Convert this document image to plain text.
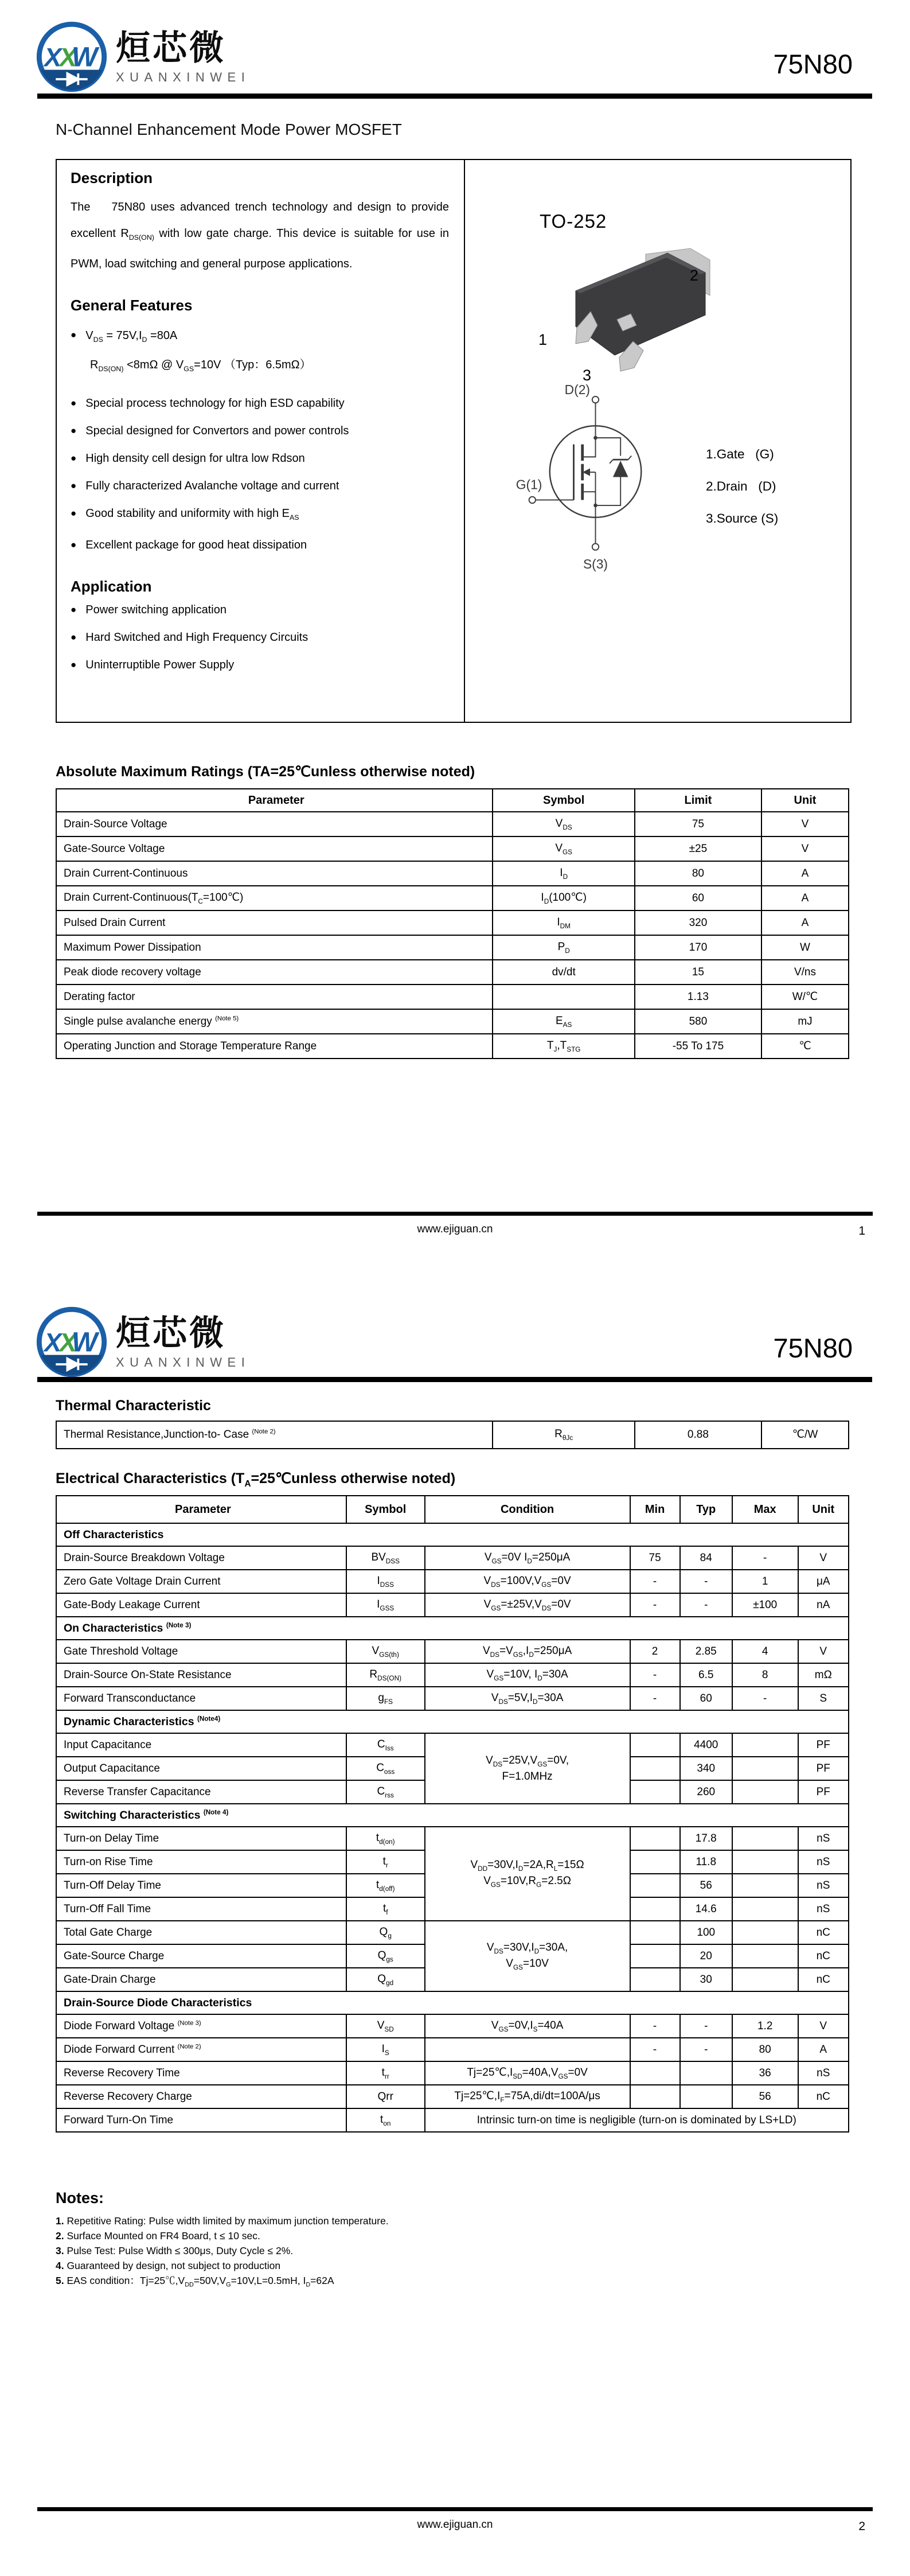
X
X
W 烜芯微
XUANXINWEI	75N80
N-Channel Enhancement Mode Power MOSFET
Description

The    75N80 uses advanced trench technology and design to provide excellent $R_{DS(ON)}$ with low gate charge. This device is suitable for use in PWM, load switching and general purpose applications.

General Features
● $V_{DS} = 75V,I_D =80A$
$R_{DS(ON)} <8m\Omega$ @ $V_{GS}=10V$ （Typ：6.5mΩ）
● Special process technology for high ESD capability
● Special designed for Convertors and power controls
● High density cell design for ultra low Rdson
● Fully characterized Avalanche voltage and current
● Good stability and uniformity with high $E_{AS}$
● Excellent package for good heat dissipation
Application
● Power switching application
● Hard Switched and High Frequency Circuits
● Uninterruptible Power Supply
TO-252
1
2
3
D(2)
G(1)
S(3)
1.Gate   (G)
2.Drain   (D)
3.Source (S)
Absolute Maximum Ratings (TA=25℃unless otherwise noted)
Parameter	Symbol	Limit	Unit
Drain-Source Voltage	$V_{DS}$	75	V
Gate-Source Voltage	$V_{GS}$	±25	V
Drain Current-Continuous	$I_D$	80	A
Drain Current-$Continuous(T_C=100℃)$	$I_D(100℃)$	60	A
Pulsed Drain Current	$I_{DM}$	320	A
Maximum Power Dissipation	$P_D$	170	W
Peak diode recovery voltage	dv/dt	15	V/ns
Derating factor		1.13	W/℃
Single pulse avalanche energy $^{(Note 5)}$	$E_{AS}$	580	mJ
Operating Junction and Storage Temperature Range	$T_J,T_{STG}$	-55 To 175	℃
www.ejiguan.cn	1
X
X
W 烜芯微
XUANXINWEI	75N80
Thermal Characteristic
Thermal Resistance,Junction-to- Case $^{(Note 2)}$	$R_{\theta Jc}$	0.88	℃/W
Electrical Characteristics ($T_A=25℃unless$ otherwise noted)
Parameter	Symbol	Condition	Min	Typ	Max	Unit
Off Characteristics						
Drain-Source Breakdown Voltage	$BV_{DSS}$	$V_{GS}=0V$ $I_D=250\mu A$	75	84	-	V
Zero Gate Voltage Drain Current	$I_{DSS}$	$V_{DS}=100V,V_{GS}=0V$	-	-	1	μA
Gate-Body Leakage Current	$I_{GSS}$	$V_{GS}=\pm 25V,V_{DS}=0V$	-	-	±100	nA
On Characteristics $^{(Note 3)}$
Gate Threshold Voltage	$V_{GS(th)}$	$V_{DS}=V_{GS},I_D=250\mu A$	2	2.85	4	V
Drain-Source On-State Resistance	$R_{DS(ON)}$	$V_{GS}=10V$, $I_D=30A$	-	6.5	8	mΩ
Forward Transconductance	$g_{FS}$	$V_{DS}=5V,I_D=30A$	-	60	-	S
Dynamic Characteristics $^{(Note4)}$
Input Capacitance	$C_{Iss}$	$V_{DS}=25V,V_{GS}=0V$,
F=1.0MHz		4400		PF
Output Capacitance	$C_{oss}$			340		PF
Reverse Transfer Capacitance	$C_{rss}$			260		PF
Switching Characteristics $^{(Note 4)}$
Turn-on Delay Time	$t_{d(on)}$	$V_{DD}=30V,I_D=2A,R_L=15\Omega$
$V_{GS}=10V,R_G=2.5\Omega$		17.8		nS
Turn-on Rise Time	$t_r$			11.8		nS
Turn-Off Delay Time	$t_{d(off)}$			56		nS
Turn-Off Fall Time	$t_f$			14.6		nS
Total Gate Charge	$Q_g$	$V_{DS}=30V,I_D=30A$,
$V_{GS}=10V$		100		nC
Gate-Source Charge	$Q_{gs}$			20		nC
Gate-Drain Charge	$Q_{gd}$			30		nC
Drain-Source Diode Characteristics						
Diode Forward Voltage $^{(Note 3)}$	$V_{SD}$	$V_{GS}=0V,I_S=40A$	-	-	1.2	V
Diode Forward Current $^{(Note 2)}$	$I_S$		-	-	80	A
Reverse Recovery Time	$t_{rr}$	$Tj=25℃,I_{SD}=40A,V_{GS}=0V$			36	nS
Reverse Recovery Charge	Qrr	$Tj=25℃,I_F=75A,di/dt=100A/\mu s$			56	nC
Forward Turn-On Time	$t_{on}$	Intrinsic turn-on time is negligible (turn-on is dominated by LS+LD)				
Notes:
1. Repetitive Rating: Pulse width limited by maximum junction temperature.
2. Surface Mounted on FR4 Board, t ≤ 10 sec.
3. Pulse Test: Pulse Width ≤ 300μs, Duty Cycle ≤ 2%.
4. Guaranteed by design, not subject to production
5. EAS condition：$Tj=25℃,V_{DD}=50V,V_G=10V,L=0.5mH$, $I_D=62A$
www.ejiguan.cn	2
